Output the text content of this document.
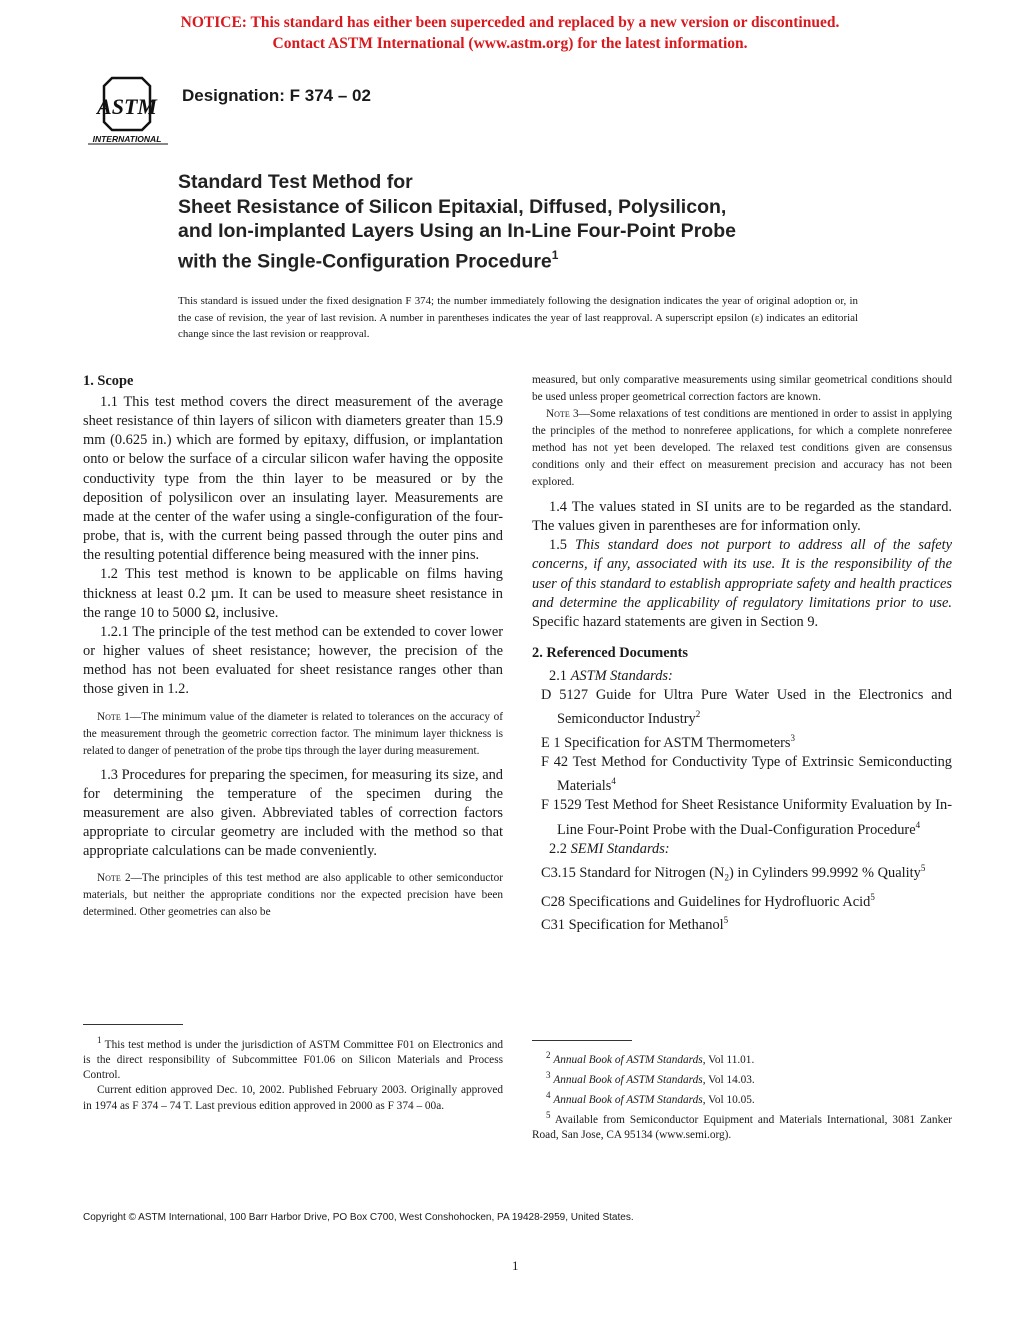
NOTICE: This standard has either been superceded and replaced by a new version or discontinued.
Contact ASTM International (www.astm.org) for the latest information.
ASTM
INTERNATIONAL
Designation: F 374 – 02
Standard Test Method for
Sheet Resistance of Silicon Epitaxial, Diffused, Polysilicon,
and Ion-implanted Layers Using an In-Line Four-Point Probe
with the Single-Configuration Procedure$^1$
This standard is issued under the fixed designation F 374; the number immediately following the designation indicates the year of original adoption or, in the case of revision, the year of last revision. A number in parentheses indicates the year of last reapproval. A superscript epsilon (ε) indicates an editorial change since the last revision or reapproval.
1. Scope

1.1 This test method covers the direct measurement of the average sheet resistance of thin layers of silicon with diameters greater than 15.9 mm (0.625 in.) which are formed by epitaxy, diffusion, or implantation onto or below the surface of a circular silicon wafer having the opposite conductivity type from the thin layer to be measured or by the deposition of polysilicon over an insulating layer. Measurements are made at the center of the wafer using a single-configuration of the four-probe, that is, with the current being passed through the outer pins and the resulting potential difference being measured with the inner pins.

1.2 This test method is known to be applicable on films having thickness at least 0.2 µm. It can be used to measure sheet resistance in the range 10 to 5000 Ω, inclusive.

1.2.1 The principle of the test method can be extended to cover lower or higher values of sheet resistance; however, the precision of the method has not been evaluated for sheet resistance ranges other than those given in 1.2.

Note 1—The minimum value of the diameter is related to tolerances on the accuracy of the measurement through the geometric correction factor. The minimum layer thickness is related to danger of penetration of the probe tips through the layer during measurement.

1.3 Procedures for preparing the specimen, for measuring its size, and for determining the temperature of the specimen during the measurement are also given. Abbreviated tables of correction factors appropriate to circular geometry are included with the method so that appropriate calculations can be made conveniently.

Note 2—The principles of this test method are also applicable to other semiconductor materials, but neither the appropriate conditions nor the expected precision have been determined. Other geometries can also be

measured, but only comparative measurements using similar geometrical conditions should be used unless proper geometrical correction factors are known.

Note 3—Some relaxations of test conditions are mentioned in order to assist in applying the principles of the method to nonreferee applications, for which a complete nonreferee method has not yet been developed. The relaxed test conditions given are consensus conditions only and their effect on measurement precision and accuracy has not been explored.

1.4 The values stated in SI units are to be regarded as the standard. The values given in parentheses are for information only.

1.5 This standard does not purport to address all of the safety concerns, if any, associated with its use. It is the responsibility of the user of this standard to establish appropriate safety and health practices and determine the applicability of regulatory limitations prior to use. Specific hazard statements are given in Section 9.

2. Referenced Documents

2.1 ASTM Standards:

D 5127 Guide for Ultra Pure Water Used in the Electronics and Semiconductor Industry$^2$

E 1 Specification for ASTM Thermometers$^3$

F 42 Test Method for Conductivity Type of Extrinsic Semiconducting Materials$^4$

F 1529 Test Method for Sheet Resistance Uniformity Evaluation by In-Line Four-Point Probe with the Dual-Configuration Procedure$^4$

2.2 SEMI Standards:

C3.15 Standard for Nitrogen $(N_2)$ in Cylinders 99.9992 % Quality$^5$

C28 Specifications and Guidelines for Hydrofluoric Acid$^5$

C31 Specification for Methanol$^5$

$^1$ This test method is under the jurisdiction of ASTM Committee F01 on Electronics and is the direct responsibility of Subcommittee F01.06 on Silicon Materials and Process Control.

Current edition approved Dec. 10, 2002. Published February 2003. Originally approved in 1974 as F 374 – 74 T. Last previous edition approved in 2000 as F 374 – 00a.

$^2$ Annual Book of ASTM Standards, Vol 11.01.

$^3$ Annual Book of ASTM Standards, Vol 14.03.

$^4$ Annual Book of ASTM Standards, Vol 10.05.

$^5$ Available from Semiconductor Equipment and Materials International, 3081 Zanker Road, San Jose, CA 95134 (www.semi.org).

Copyright © ASTM International, 100 Barr Harbor Drive, PO Box C700, West Conshohocken, PA 19428-2959, United States.
1
